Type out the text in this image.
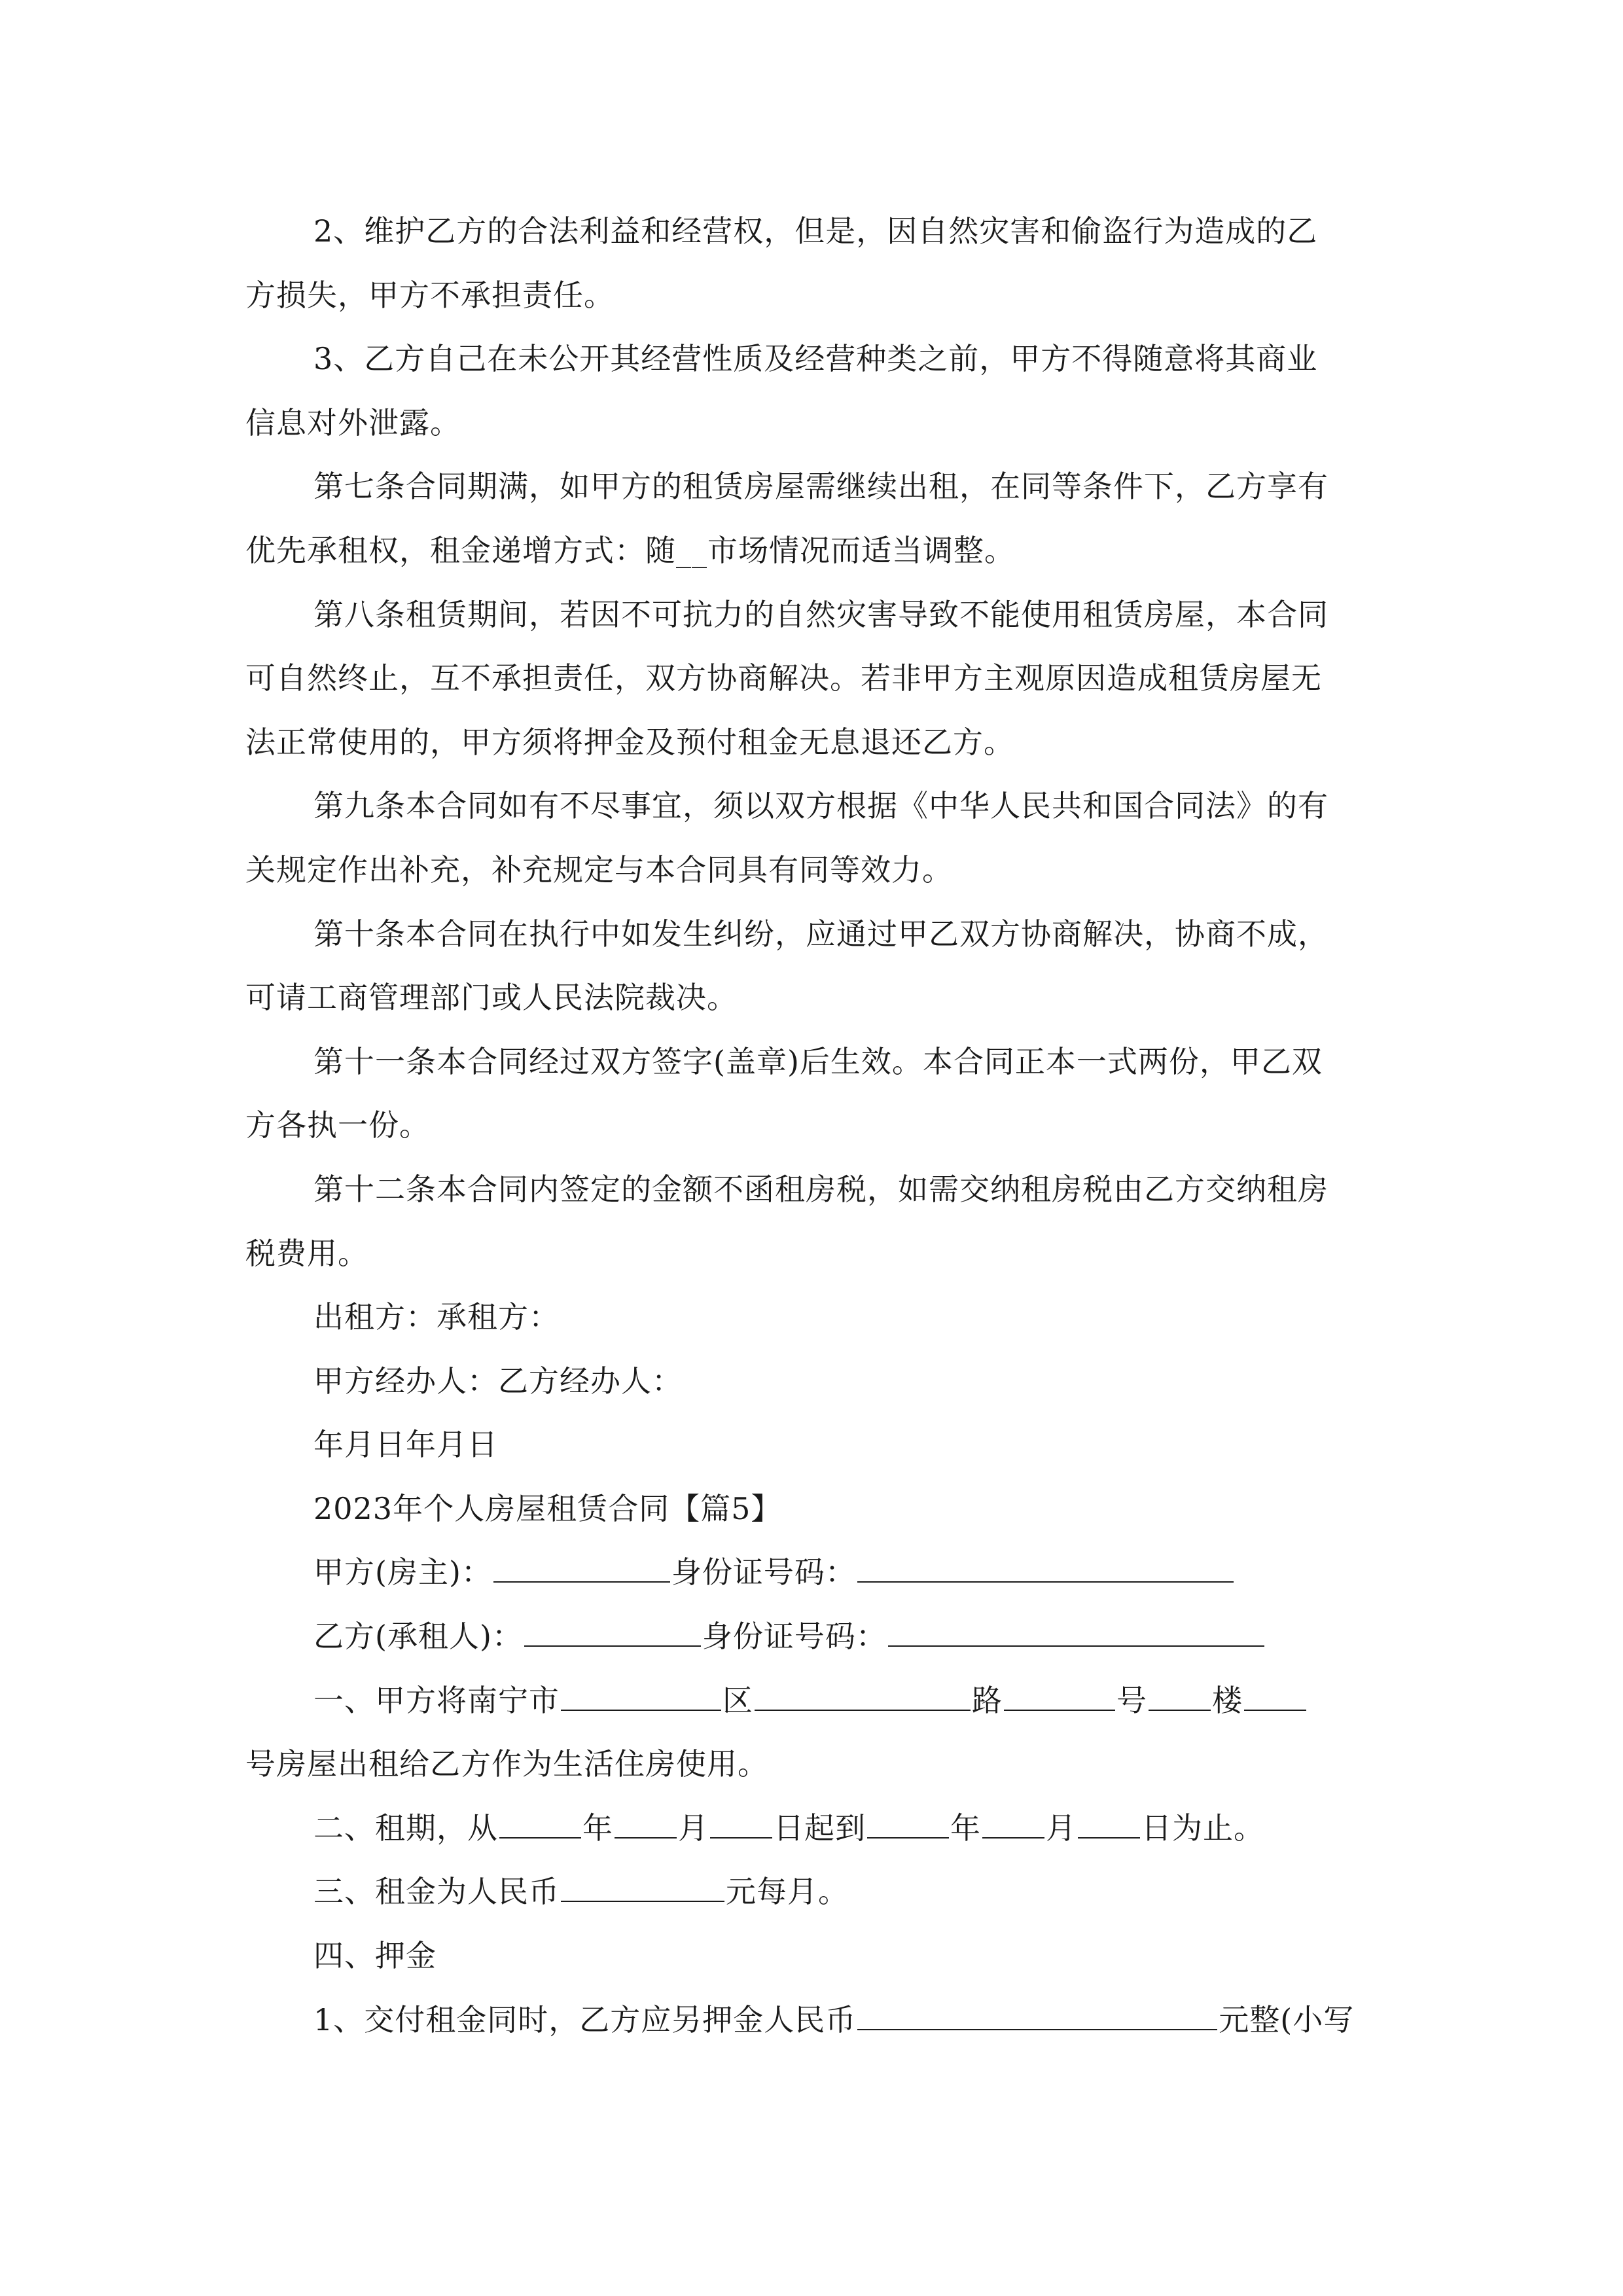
2、维护乙方的合法利益和经营权，但是，因自然灾害和偷盗行为造成的乙
方损失，甲方不承担责任。
3、乙方自己在未公开其经营性质及经营种类之前，甲方不得随意将其商业
信息对外泄露。
第七条合同期满，如甲方的租赁房屋需继续出租，在同等条件下，乙方享有
优先承租权，租金递增方式：随__市场情况而适当调整。
第八条租赁期间，若因不可抗力的自然灾害导致不能使用租赁房屋，本合同
可自然终止，互不承担责任，双方协商解决。若非甲方主观原因造成租赁房屋无
法正常使用的，甲方须将押金及预付租金无息退还乙方。
第九条本合同如有不尽事宜，须以双方根据《中华人民共和国合同法》的有
关规定作出补充，补充规定与本合同具有同等效力。
第十条本合同在执行中如发生纠纷，应通过甲乙双方协商解决，协商不成，
可请工商管理部门或人民法院裁决。
第十一条本合同经过双方签字(盖章)后生效。本合同正本一式两份，甲乙双
方各执一份。
第十二条本合同内签定的金额不函租房税，如需交纳租房税由乙方交纳租房
税费用。
出租方：承租方：
甲方经办人：乙方经办人：
年月日年月日
2023年个人房屋租赁合同【篇5】
甲方(房主)：	身份证号码：
乙方(承租人)：	身份证号码：
一、甲方将南宁市	区	路	号 楼
号房屋出租给乙方作为生活住房使用。
二、租期，从	年 月 日起到	年 月 日为止。
三、租金为人民币	元每月。
四、押金
1、交付租金同时，乙方应另押金人民币	元整(小写
